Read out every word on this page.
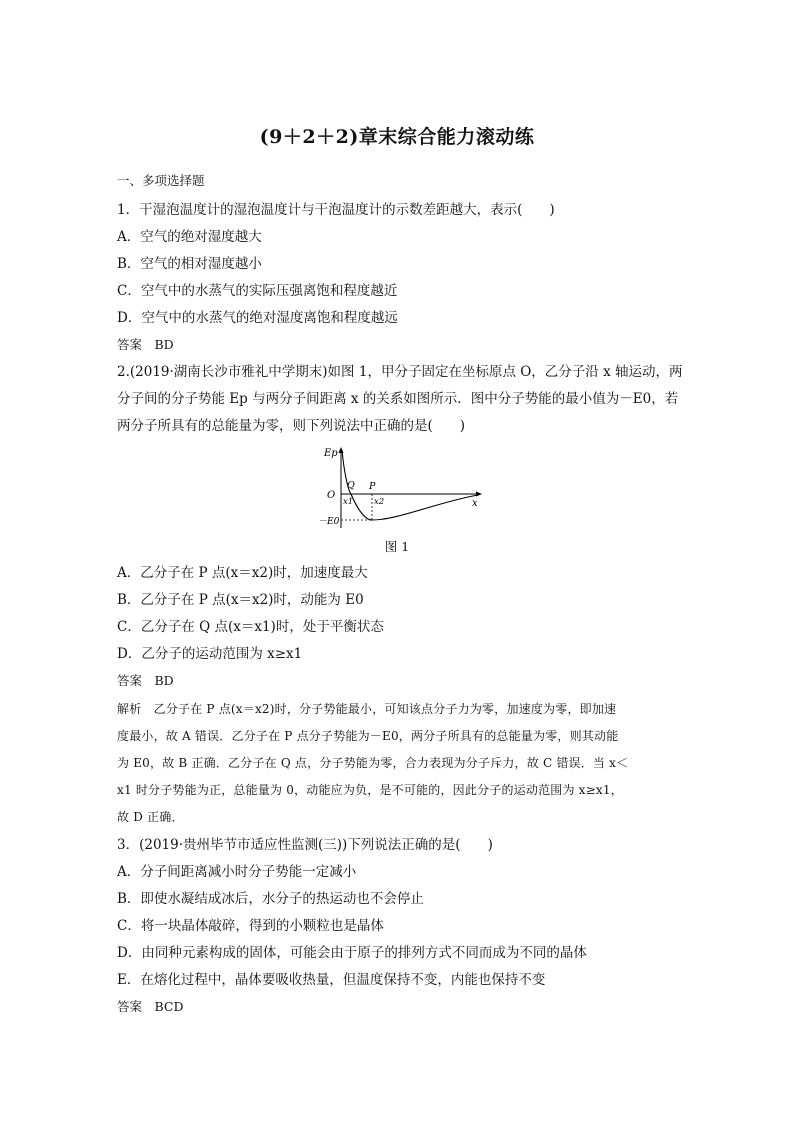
(9＋2＋2)章末综合能力滚动练
一、多项选择题
1．干湿泡温度计的湿泡温度计与干泡温度计的示数差距越大，表示(　　)
A．空气的绝对湿度越大
B．空气的相对湿度越小
C．空气中的水蒸气的实际压强离饱和程度越近
D．空气中的水蒸气的绝对湿度离饱和程度越远
答案　BD
2.(2019·湖南长沙市雅礼中学期末)如图 1，甲分子固定在坐标原点 O，乙分子沿 x 轴运动，两
分子间的分子势能 Ep 与两分子间距离 x 的关系如图所示．图中分子势能的最小值为－E0，若
两分子所具有的总能量为零，则下列说法中正确的是(　　)
Ep
O
Q P
x1 x2	x
－E0
图 1
A．乙分子在 P 点(x＝x2)时，加速度最大
B．乙分子在 P 点(x＝x2)时，动能为 E0
C．乙分子在 Q 点(x＝x1)时，处于平衡状态
D．乙分子的运动范围为 x≥x1
答案　BD
解析　乙分子在 P 点(x＝x2)时，分子势能最小，可知该点分子力为零，加速度为零，即加速
度最小，故 A 错误．乙分子在 P 点分子势能为－E0，两分子所具有的总能量为零，则其动能
为 E0，故 B 正确．乙分子在 Q 点，分子势能为零，合力表现为分子斥力，故 C 错误．当 x＜
x1 时分子势能为正，总能量为 0，动能应为负，是不可能的，因此分子的运动范围为 x≥x1，
故 D 正确．
3．(2019·贵州毕节市适应性监测(三))下列说法正确的是(　　)
A．分子间距离减小时分子势能一定减小
B．即使水凝结成冰后，水分子的热运动也不会停止
C．将一块晶体敲碎，得到的小颗粒也是晶体
D．由同种元素构成的固体，可能会由于原子的排列方式不同而成为不同的晶体
E．在熔化过程中，晶体要吸收热量，但温度保持不变，内能也保持不变
答案　BCD
